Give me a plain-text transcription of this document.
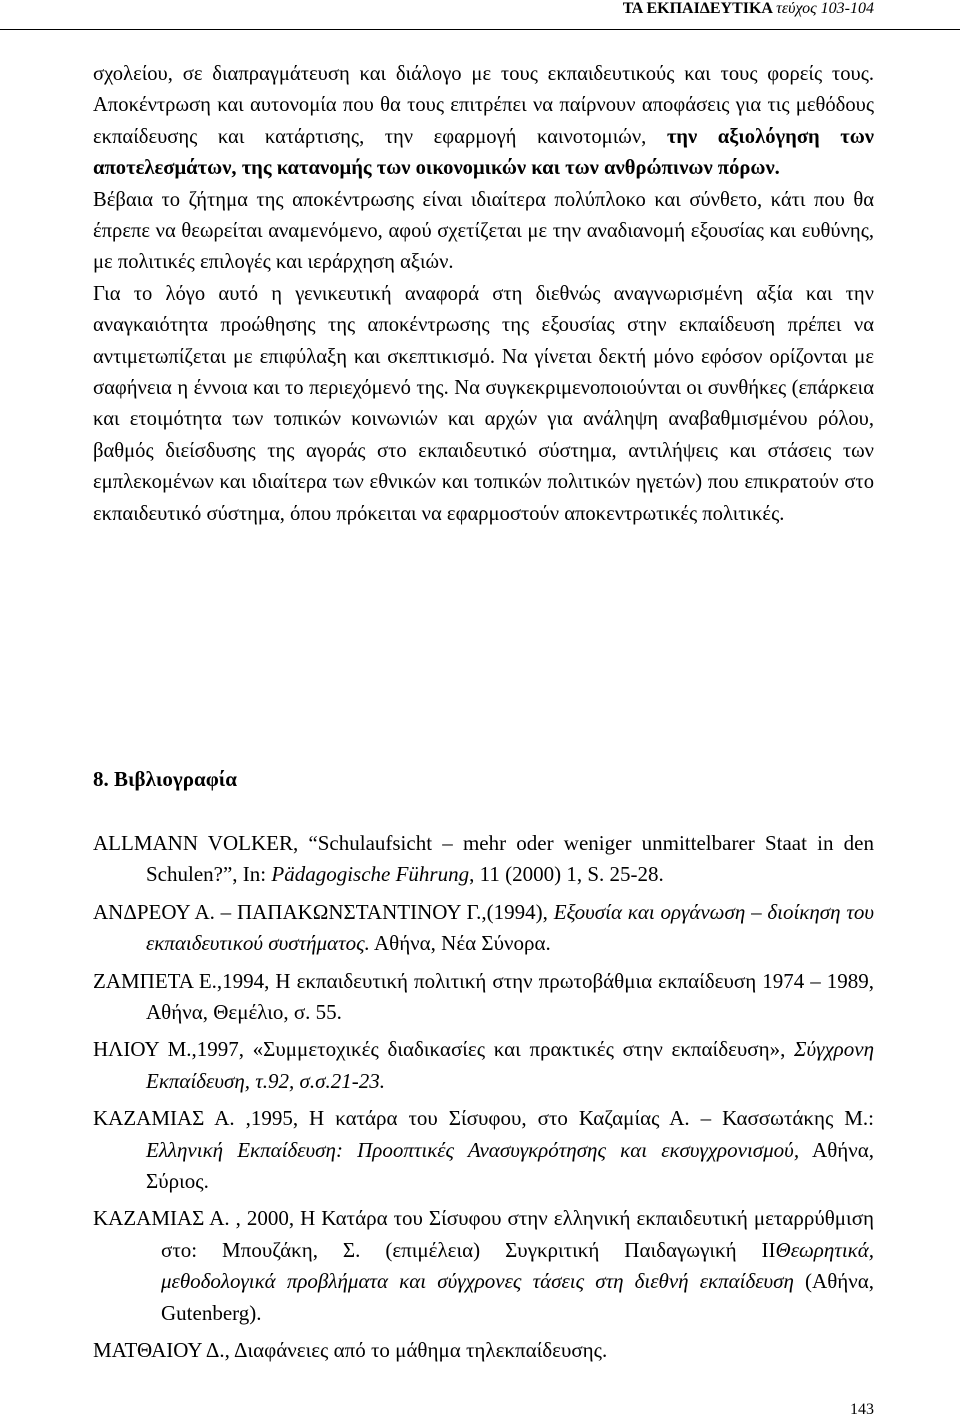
ΤΑ ΕΚΠΑΙΔΕΥΤΙΚΑ τεύχος 103-104

σχολείου, σε διαπραγμάτευση και διάλογο με τους εκπαιδευτικούς και τους φορείς τους. Αποκέντρωση και αυτονομία που θα τους επιτρέπει να παίρνουν αποφάσεις για τις μεθόδους εκπαίδευσης και κατάρτισης, την εφαρμογή καινοτομιών, την αξιολόγηση των αποτελεσμάτων, της κατανομής των οικονομικών και των ανθρώπινων πόρων.

Βέβαια το ζήτημα της αποκέντρωσης είναι ιδιαίτερα πολύπλοκο και σύνθετο, κάτι που θα έπρεπε να θεωρείται αναμενόμενο, αφού σχετίζεται με την αναδιανομή εξουσίας και ευθύνης, με πολιτικές επιλογές και ιεράρχηση αξιών.

Για το λόγο αυτό η γενικευτική αναφορά στη διεθνώς αναγνωρισμένη αξία και την αναγκαιότητα προώθησης της αποκέντρωσης της εξουσίας στην εκπαίδευση πρέπει να αντιμετωπίζεται με επιφύλαξη και σκεπτικισμό. Να γίνεται δεκτή μόνο εφόσον ορίζονται με σαφήνεια η έννοια και το περιεχόμενό της. Να συγκεκριμενοποιούνται οι συνθήκες (επάρκεια και ετοιμότητα των τοπικών κοινωνιών και αρχών για ανάληψη αναβαθμισμένου ρόλου, βαθμός διείσδυσης της αγοράς στο εκπαιδευτικό σύστημα, αντιλήψεις και στάσεις των εμπλεκομένων και ιδιαίτερα των εθνικών και τοπικών πολιτικών ηγετών) που επικρατούν στο εκπαιδευτικό σύστημα, όπου πρόκειται να εφαρμοστούν αποκεντρωτικές πολιτικές.

8. Βιβλιογραφία

ALLMANN VOLKER, “Schulaufsicht – mehr oder weniger unmittelbarer Staat in den Schulen?”, In: Pädagogische Führung, 11 (2000) 1, S. 25-28.

ΑΝΔΡΕΟΥ Α. – ΠΑΠΑΚΩΝΣΤΑΝΤΙΝΟΥ Γ.,(1994), Εξουσία και οργάνωση – διοίκηση του εκπαιδευτικού συστήματος. Αθήνα, Νέα Σύνορα.

ΖΑΜΠΕΤΑ Ε.,1994, Η εκπαιδευτική πολιτική στην πρωτοβάθμια εκπαίδευση 1974 – 1989, Αθήνα, Θεμέλιο, σ. 55.

ΗΛΙΟΥ Μ.,1997, «Συμμετοχικές διαδικασίες και πρακτικές στην εκπαίδευση», Σύγχρονη Εκπαίδευση, τ.92, σ.σ.21-23.

ΚΑΖΑΜΙΑΣ Α. ,1995, Η κατάρα του Σίσυφου, στο Καζαμίας Α. – Κασσωτάκης Μ.: Ελληνική Εκπαίδευση: Προοπτικές Ανασυγκρότησης και εκσυγχρονισμού, Αθήνα, Σύριος.

ΚΑΖΑΜΙΑΣ Α. , 2000, Η Κατάρα του Σίσυφου στην ελληνική εκπαιδευτική μεταρρύθμιση στο: Μπουζάκη, Σ. (επιμέλεια) Συγκριτική Παιδαγωγική ΙΙΘεωρητικά, μεθοδολογικά προβλήματα και σύγχρονες τάσεις στη διεθνή εκπαίδευση (Αθήνα, Gutenberg).

ΜΑΤΘΑΙΟΥ Δ., Διαφάνειες από το μάθημα τηλεκπαίδευσης.

143
